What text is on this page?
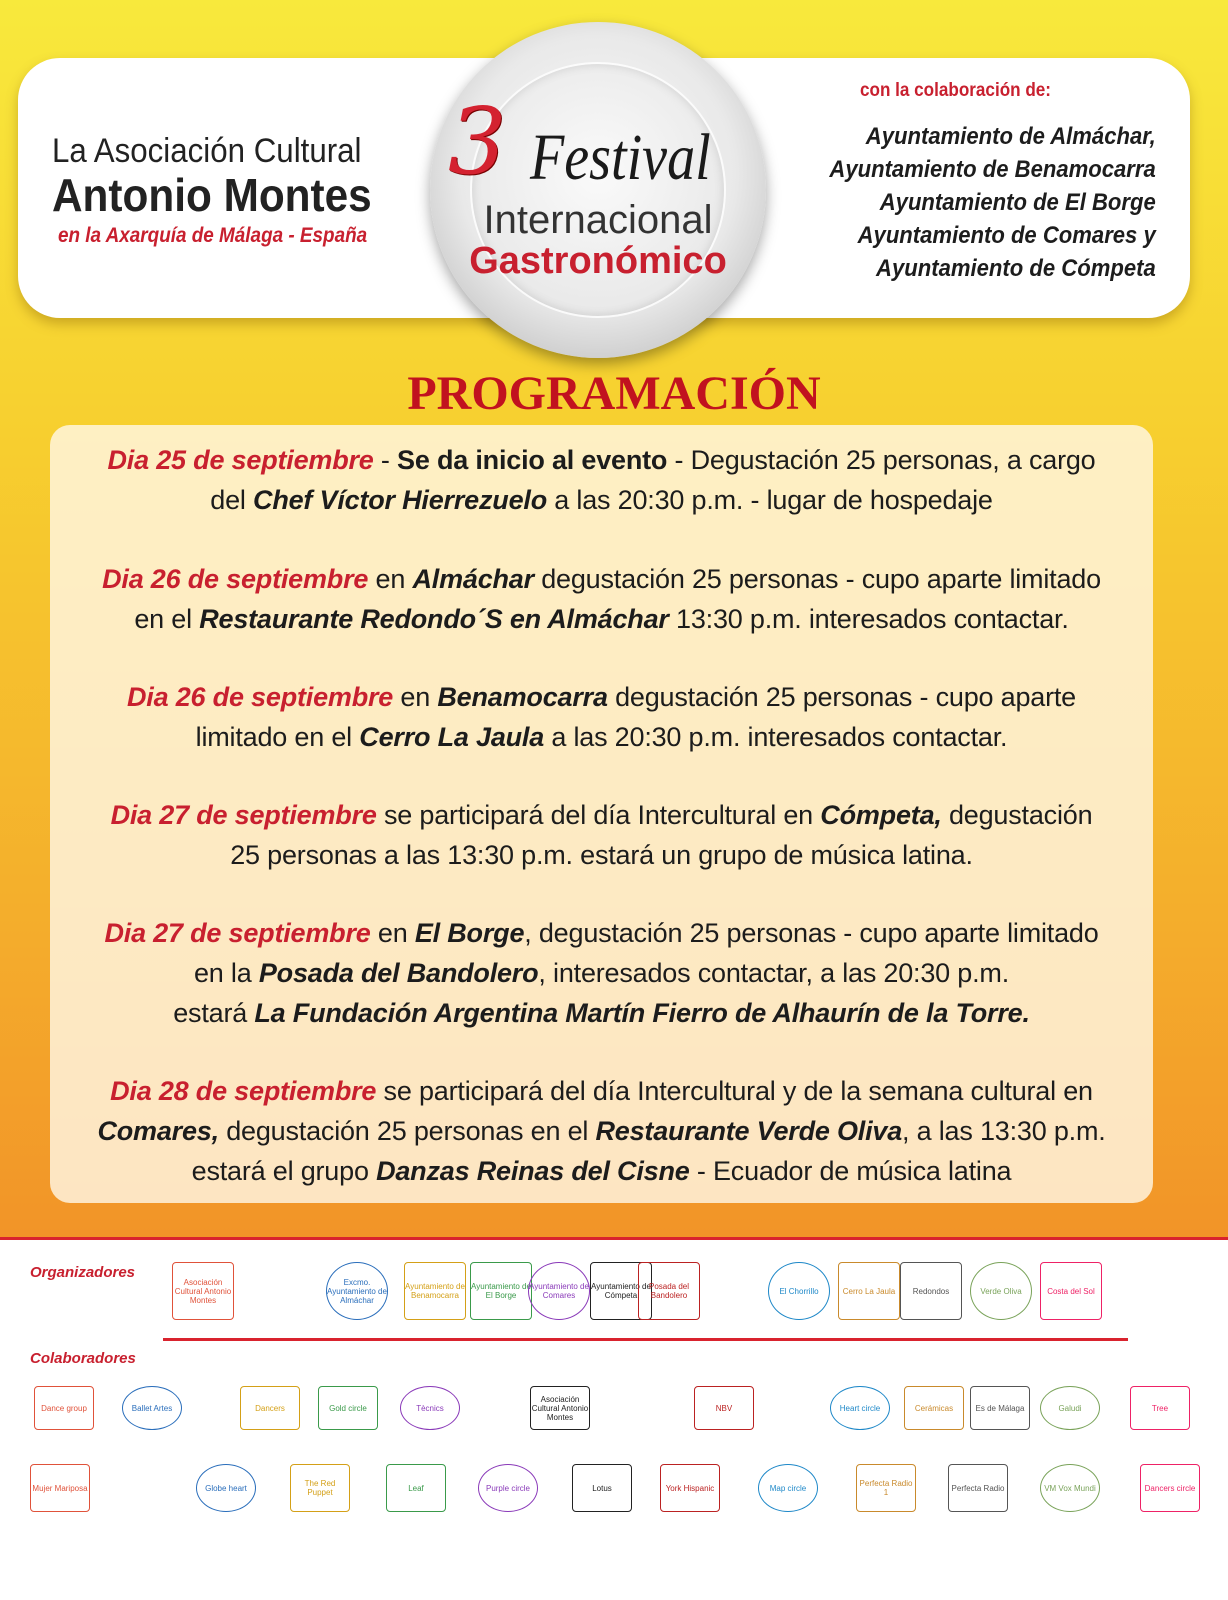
La Asociación Cultural
Antonio Montes
en la Axarquía de Málaga - España
3 Festival
Internacional
Gastronómico
con la colaboración de:
Ayuntamiento de Almáchar,
Ayuntamiento de Benamocarra
Ayuntamiento de El Borge
Ayuntamiento de Comares y
Ayuntamiento de Cómpeta
PROGRAMACIÓN
Dia 25 de septiembre - Se da inicio al evento - Degustación 25 personas, a cargo
del Chef Víctor Hierrezuelo a las 20:30 p.m. - lugar de hospedaje
Dia 26 de septiembre en Almáchar degustación 25 personas - cupo aparte limitado
en el Restaurante Redondo´S en Almáchar 13:30 p.m. interesados contactar.
Dia 26 de septiembre en Benamocarra degustación 25 personas - cupo aparte
limitado en el Cerro La Jaula a las 20:30 p.m. interesados contactar.
Dia 27 de septiembre se participará del día Intercultural en Cómpeta, degustación
25 personas a las 13:30 p.m. estará un grupo de música latina.
Dia 27 de septiembre en El Borge, degustación 25 personas - cupo aparte limitado
en la Posada del Bandolero, interesados contactar, a las 20:30 p.m.
estará La Fundación Argentina Martín Fierro de Alhaurín de la Torre.
Dia 28 de septiembre se participará del día Intercultural y de la semana cultural en
Comares, degustación 25 personas en el Restaurante Verde Oliva, a las 13:30 p.m.
estará el grupo Danzas Reinas del Cisne - Ecuador de música latina
Organizadores
Colaboradores
Asociación Cultural Antonio Montes
Excmo. Ayuntamiento de Almáchar
Ayuntamiento de Benamocarra
Ayuntamiento de El Borge
Ayuntamiento de Comares
Ayuntamiento de Cómpeta
Posada del Bandolero	El Chorrillo	Cerro La Jaula	Redondos	Verde Oliva	Costa del Sol
Dance group	Ballet Artes	Dancers	Gold circle	Tècnics
Asociación Cultural Antonio Montes
NBV	Heart circle	Cerámicas	Es de Málaga	Galudi	Tree
Mujer Mariposa	Globe heart	The Red Puppet	Leaf	Purple circle	Lotus	York Hispanic	Map circle	Perfecta Radio 1	Perfecta Radio	VM Vox Mundi	Dancers circle
